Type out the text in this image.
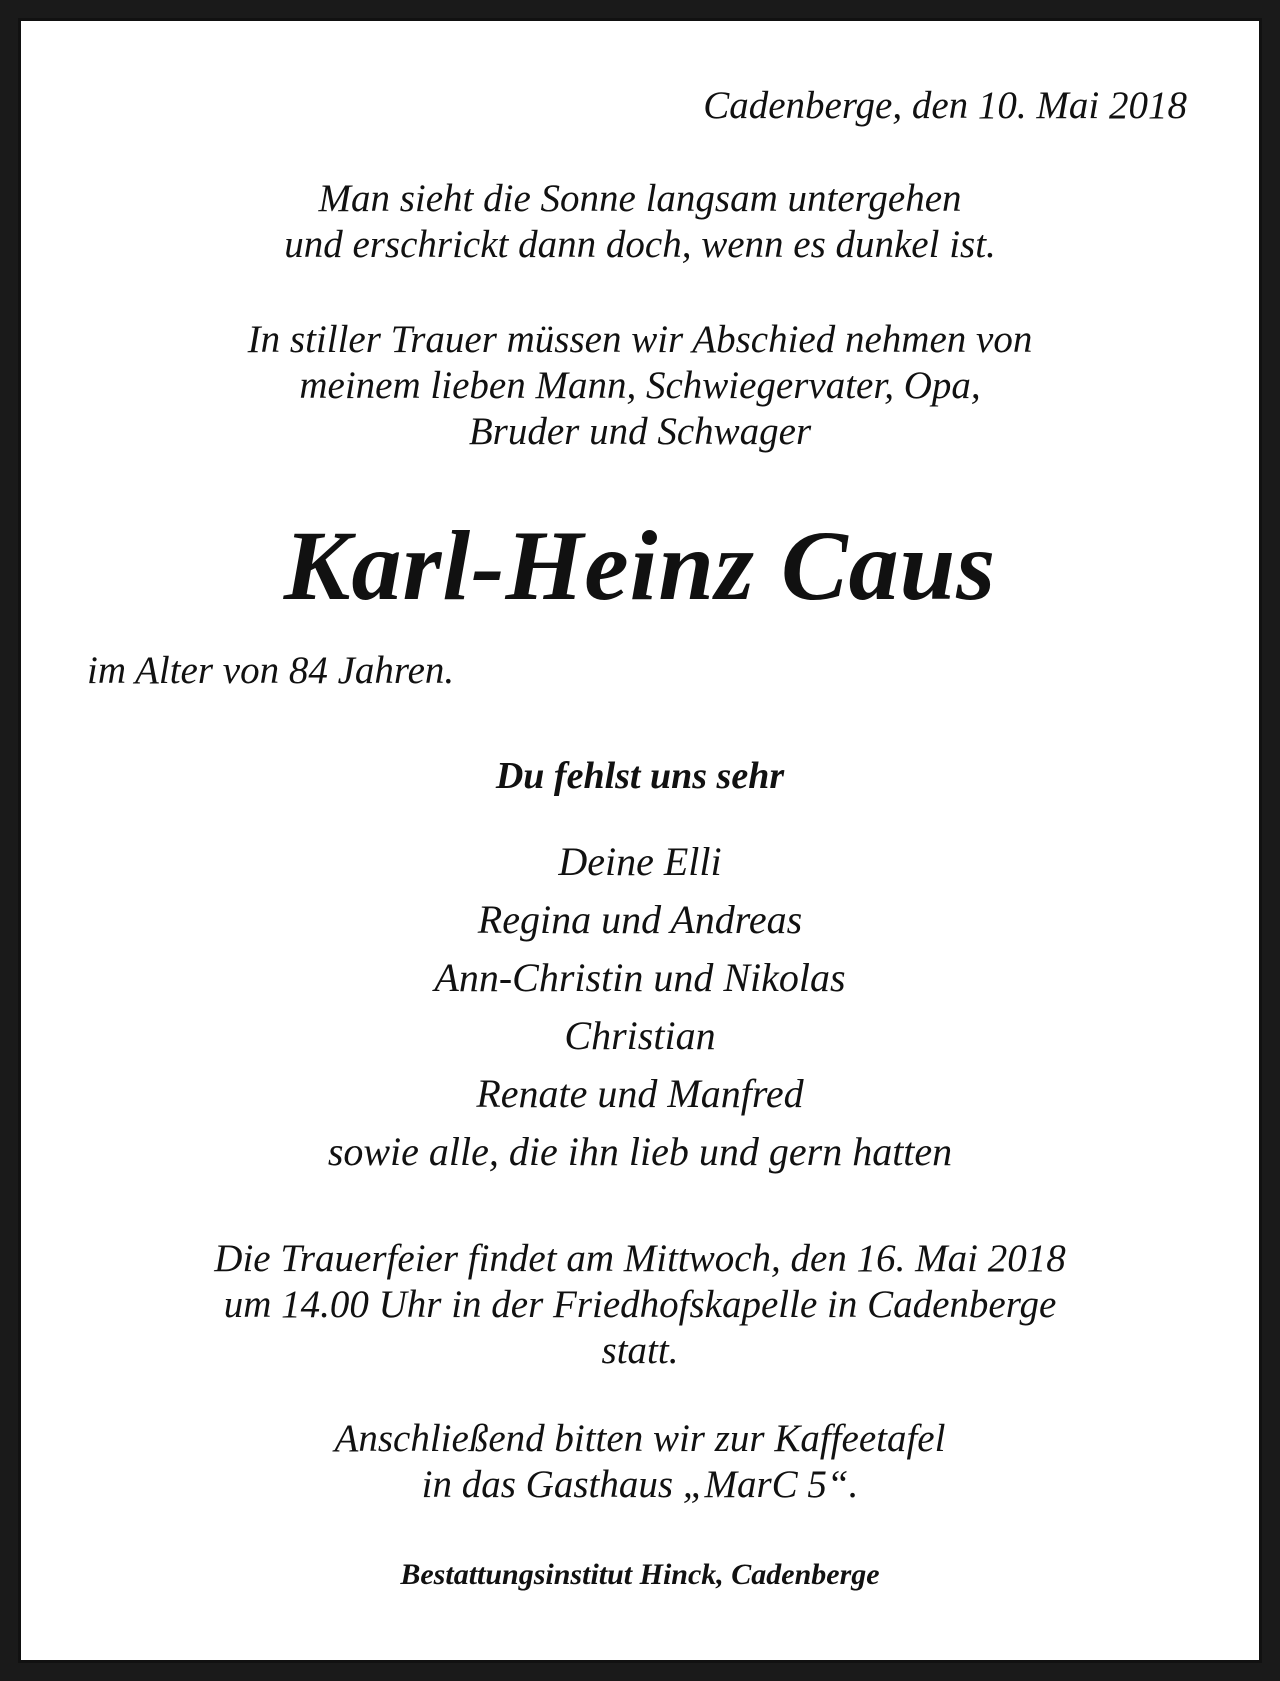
Cadenberge, den 10. Mai 2018

Man sieht die Sonne langsam untergehen
und erschrickt dann doch, wenn es dunkel ist.

In stiller Trauer müssen wir Abschied nehmen von
meinem lieben Mann, Schwiegervater, Opa,
Bruder und Schwager

Karl-Heinz Caus

im Alter von 84 Jahren.

Du fehlst uns sehr

Deine Elli
Regina und Andreas
Ann-Christin und Nikolas
Christian
Renate und Manfred
sowie alle, die ihn lieb und gern hatten

Die Trauerfeier findet am Mittwoch, den 16. Mai 2018
um 14.00 Uhr in der Friedhofskapelle in Cadenberge
statt.

Anschließend bitten wir zur Kaffeetafel
in das Gasthaus „MarC 5“.

Bestattungsinstitut Hinck, Cadenberge
